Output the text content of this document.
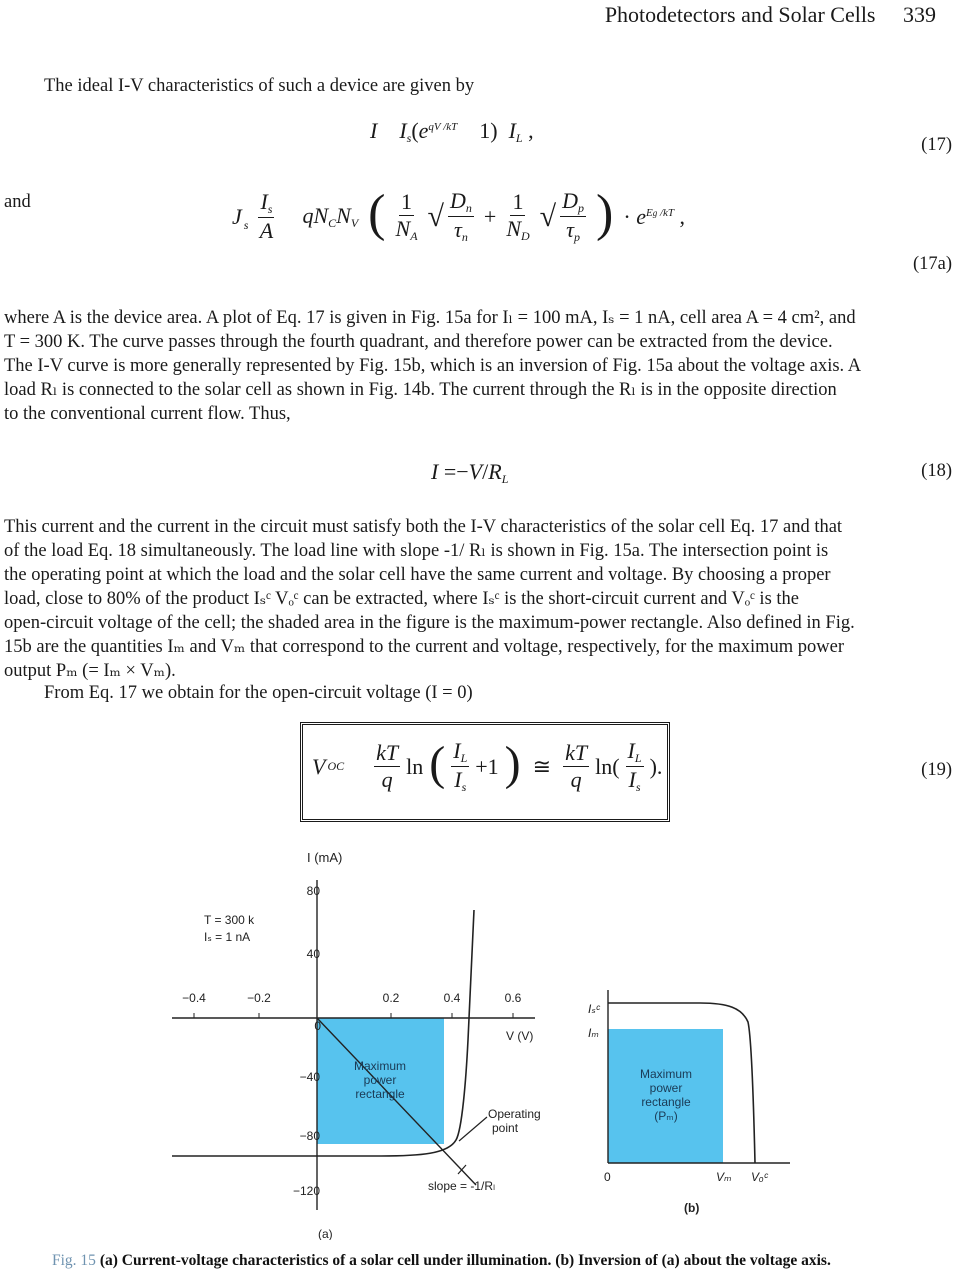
Photodetectors and Solar Cells 339
The ideal I-V characteristics of such a device are given by
I   $I_s(e^{qV /kT}$  1) $I_L$ ,
(17)
and
J s $\frac{I_s}{A} qN_CN_V$ ( $\frac{1}{N_A}$ √ $\frac{D_n}{\tau_n} + \frac{1}{N_D}$ √ $\frac{D_p}{\tau_p}$ ) · $e^{Eg /kT}$ ,
(17a)
where A is the device area. A plot of Eq. 17 is given in Fig. 15a for Iₗ = 100 mA, Iₛ = 1 nA, cell area A = 4 cm², and
T = 300 K. The curve passes through the fourth quadrant, and therefore power can be extracted from the device.
The I-V curve is more generally represented by Fig. 15b, which is an inversion of Fig. 15a about the voltage axis. A
load Rₗ is connected to the solar cell as shown in Fig. 14b. The current through the Rₗ is in the opposite direction
to the conventional current flow. Thus,
$I =-V/R_L$	(18)
This current and the current in the circuit must satisfy both the I-V characteristics of the solar cell Eq. 17 and that
of the load Eq. 18 simultaneously. The load line with slope -1/ Rₗ is shown in Fig. 15a. The intersection point is
the operating point at which the load and the solar cell have the same current and voltage. By choosing a proper
load, close to 80% of the product Iₛᶜ Vₒᶜ can be extracted, where Iₛᶜ is the short-circuit current and Vₒᶜ is the
open-circuit voltage of the cell; the shaded area in the figure is the maximum-power rectangle. Also defined in Fig.
15b are the quantities Iₘ and Vₘ that correspond to the current and voltage, respectively, for the maximum power
output Pₘ (= Iₘ × Vₘ).
From Eq. 17 we obtain for the open-circuit voltage (I = 0)
V OC $\frac{kT}{q}$ ln ( $\frac{I_L}{I_s} +1$ ) ≅ $\frac{kT}{q} \ln( \frac{I_L}{I_s}$ ).	(19)
I (mA)
V (V)
80
40
0
−40
−80
−120
−0.4	−0.2	0.2	0.4	0.6
T = 300 k
Iₛ = 1 nA
Maximum
power
rectangle
Operating
point
slope = -1/Rₗ
(a)
Iₛᶜ
Iₘ
0	Vₘ Vₒᶜ
Maximum
power
rectangle
(Pₘ)
(b)
Fig. 15 (a) Current-voltage characteristics of a solar cell under illumination. (b) Inversion of (a) about the voltage axis.
